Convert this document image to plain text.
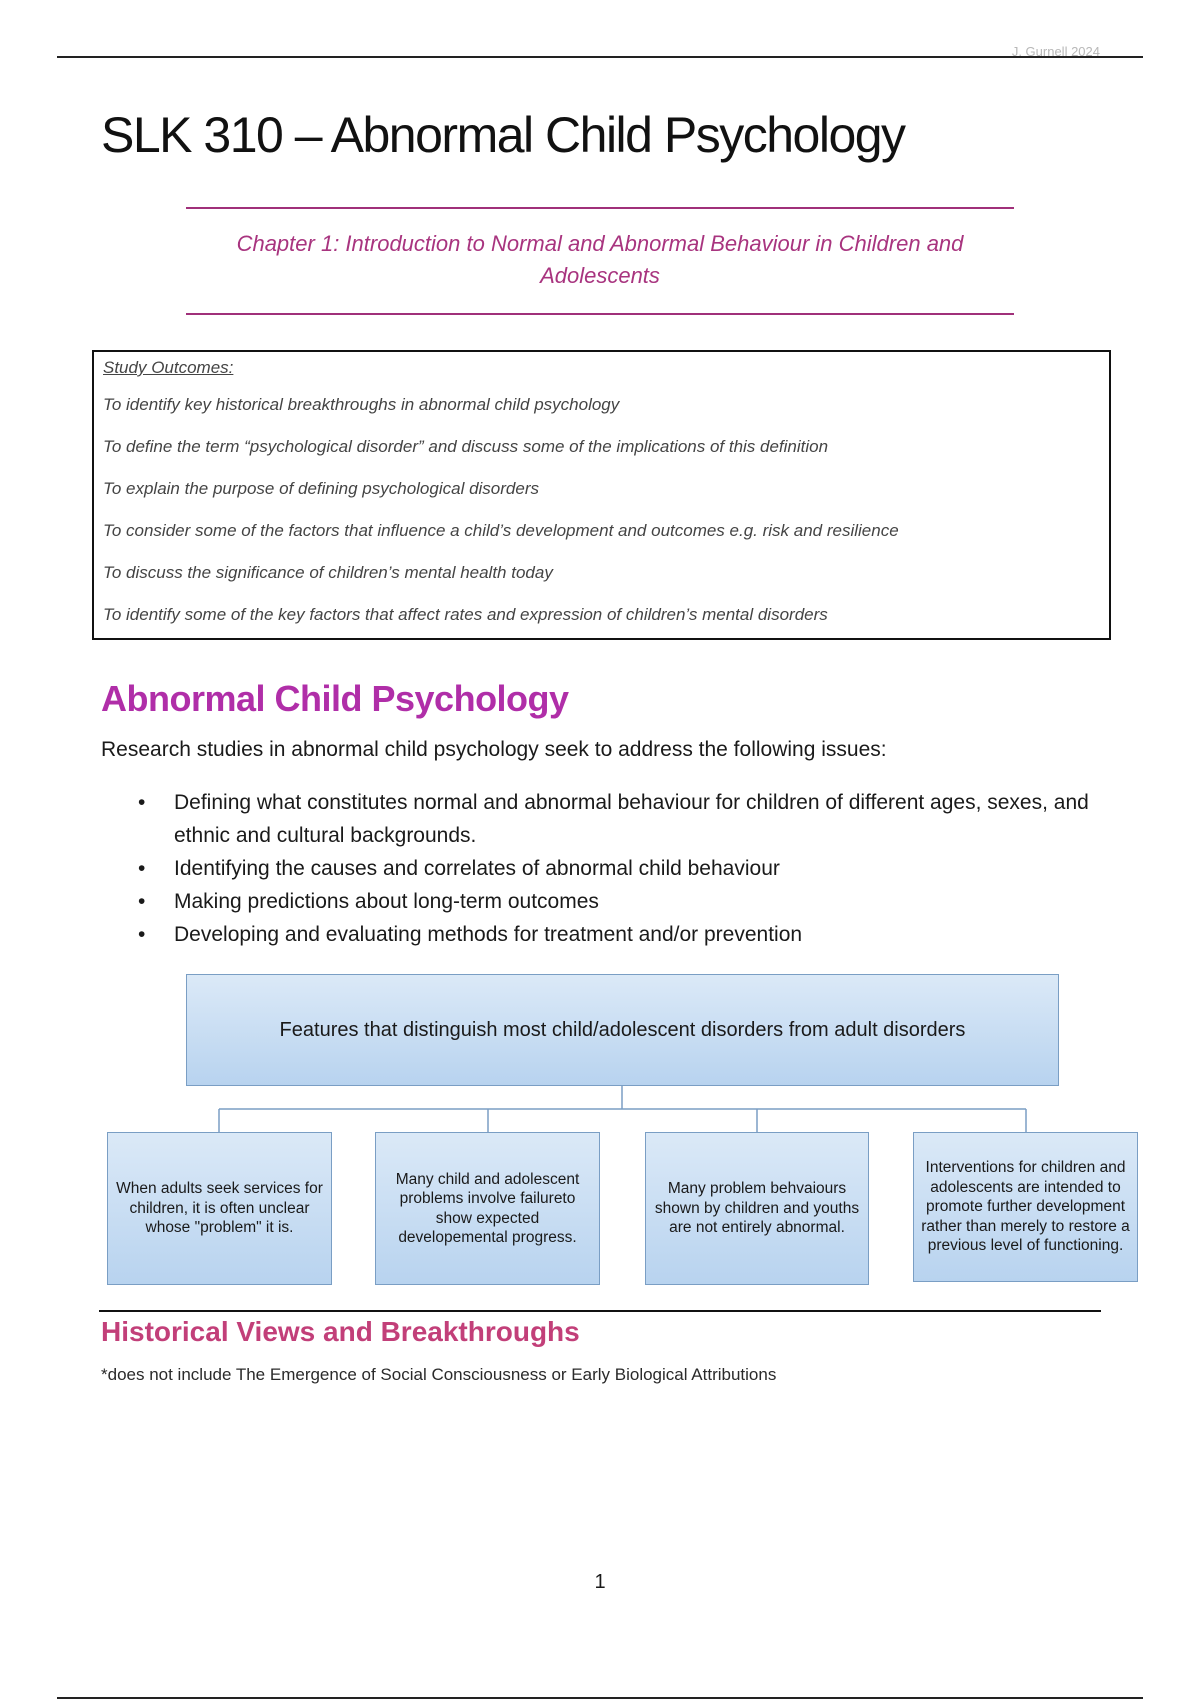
J. Gurnell 2024
SLK 310 – Abnormal Child Psychology
Chapter 1: Introduction to Normal and Abnormal Behaviour in Children and Adolescents
Study Outcomes:
To identify key historical breakthroughs in abnormal child psychology
To define the term “psychological disorder” and discuss some of the implications of this definition
To explain the purpose of defining psychological disorders
To consider some of the factors that influence a child’s development and outcomes e.g. risk and resilience
To discuss the significance of children’s mental health today
To identify some of the key factors that affect rates and expression of children’s mental disorders
Abnormal Child Psychology

Research studies in abnormal child psychology seek to address the following issues:

• Defining what constitutes normal and abnormal behaviour for children of different ages, sexes, and ethnic and cultural backgrounds.
• Identifying the causes and correlates of abnormal child behaviour
• Making predictions about long-term outcomes
• Developing and evaluating methods for treatment and/or prevention
Features that distinguish most child/adolescent disorders from adult disorders
When adults seek services for children, it is often unclear whose "problem" it is.
Many child and adolescent problems involve failureto show expected developemental progress.
Many problem behvaiours shown by children and youths are not entirely abnormal.
Interventions for children and adolescents are intended to promote further development rather than merely to restore a previous level of functioning.
Historical Views and Breakthroughs

*does not include The Emergence of Social Consciousness or Early Biological Attributions

1
